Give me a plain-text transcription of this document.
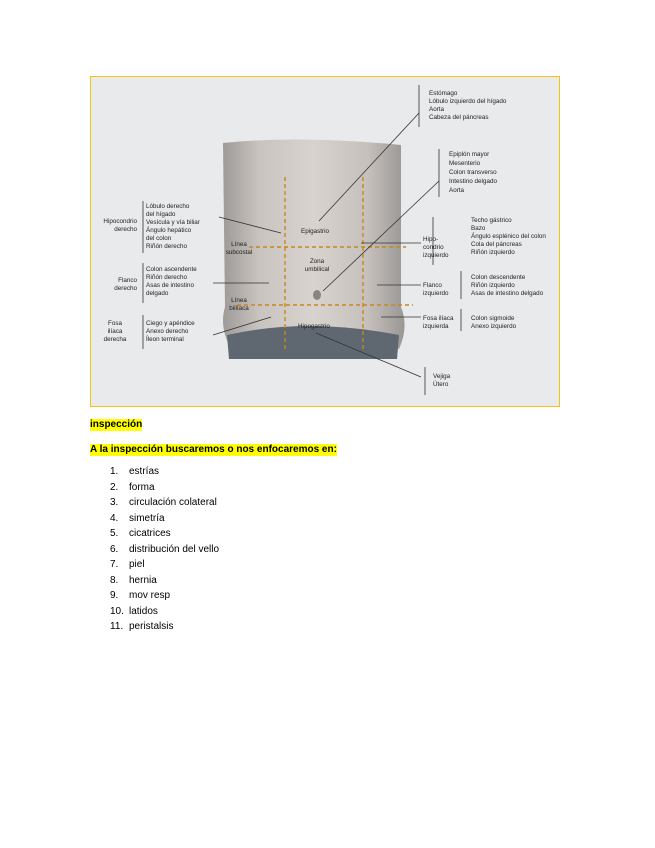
Estómago
Lóbulo izquierdo del hígado
Aorta
Cabeza del páncreas
Epiplón mayor
Mesenterio
Colon transverso
Intestino delgado
Aorta
Hipo-
condrio
izquierdo
Techo gástrico
Bazo
Ángulo esplénico del colon
Cola del páncreas
Riñón izquierdo
Flanco
izquierdo
Colon descendente
Riñón izquierdo
Asas de intestino delgado
Fosa ilíaca
izquierda
Colon sigmoide
Anexo izquierdo
Vejiga
Útero
Hipocondrio
derecho
Lóbulo derecho
del hígado
Vesícula y vía biliar
Ángulo hepático
del colon
Riñón derecho
Flanco
derecho
Colon ascendente
Riñón derecho
Asas de intestino
delgado
Fosa
ilíaca
derecha
Ciego y apéndice
Anexo derecho
Íleon terminal
Epigastrio
Zona
umbilical
Hipogastrio
Línea
subcostal
Línea
biilíaca
inspección
A la inspección buscaremos o nos enfocaremos en:
1.	estrías
2.	forma
3.	circulación colateral
4.	simetría
5.	cicatrices
6.	distribución del vello
7.	piel
8.	hernia
9.	mov resp
10. latidos
11. peristalsis
